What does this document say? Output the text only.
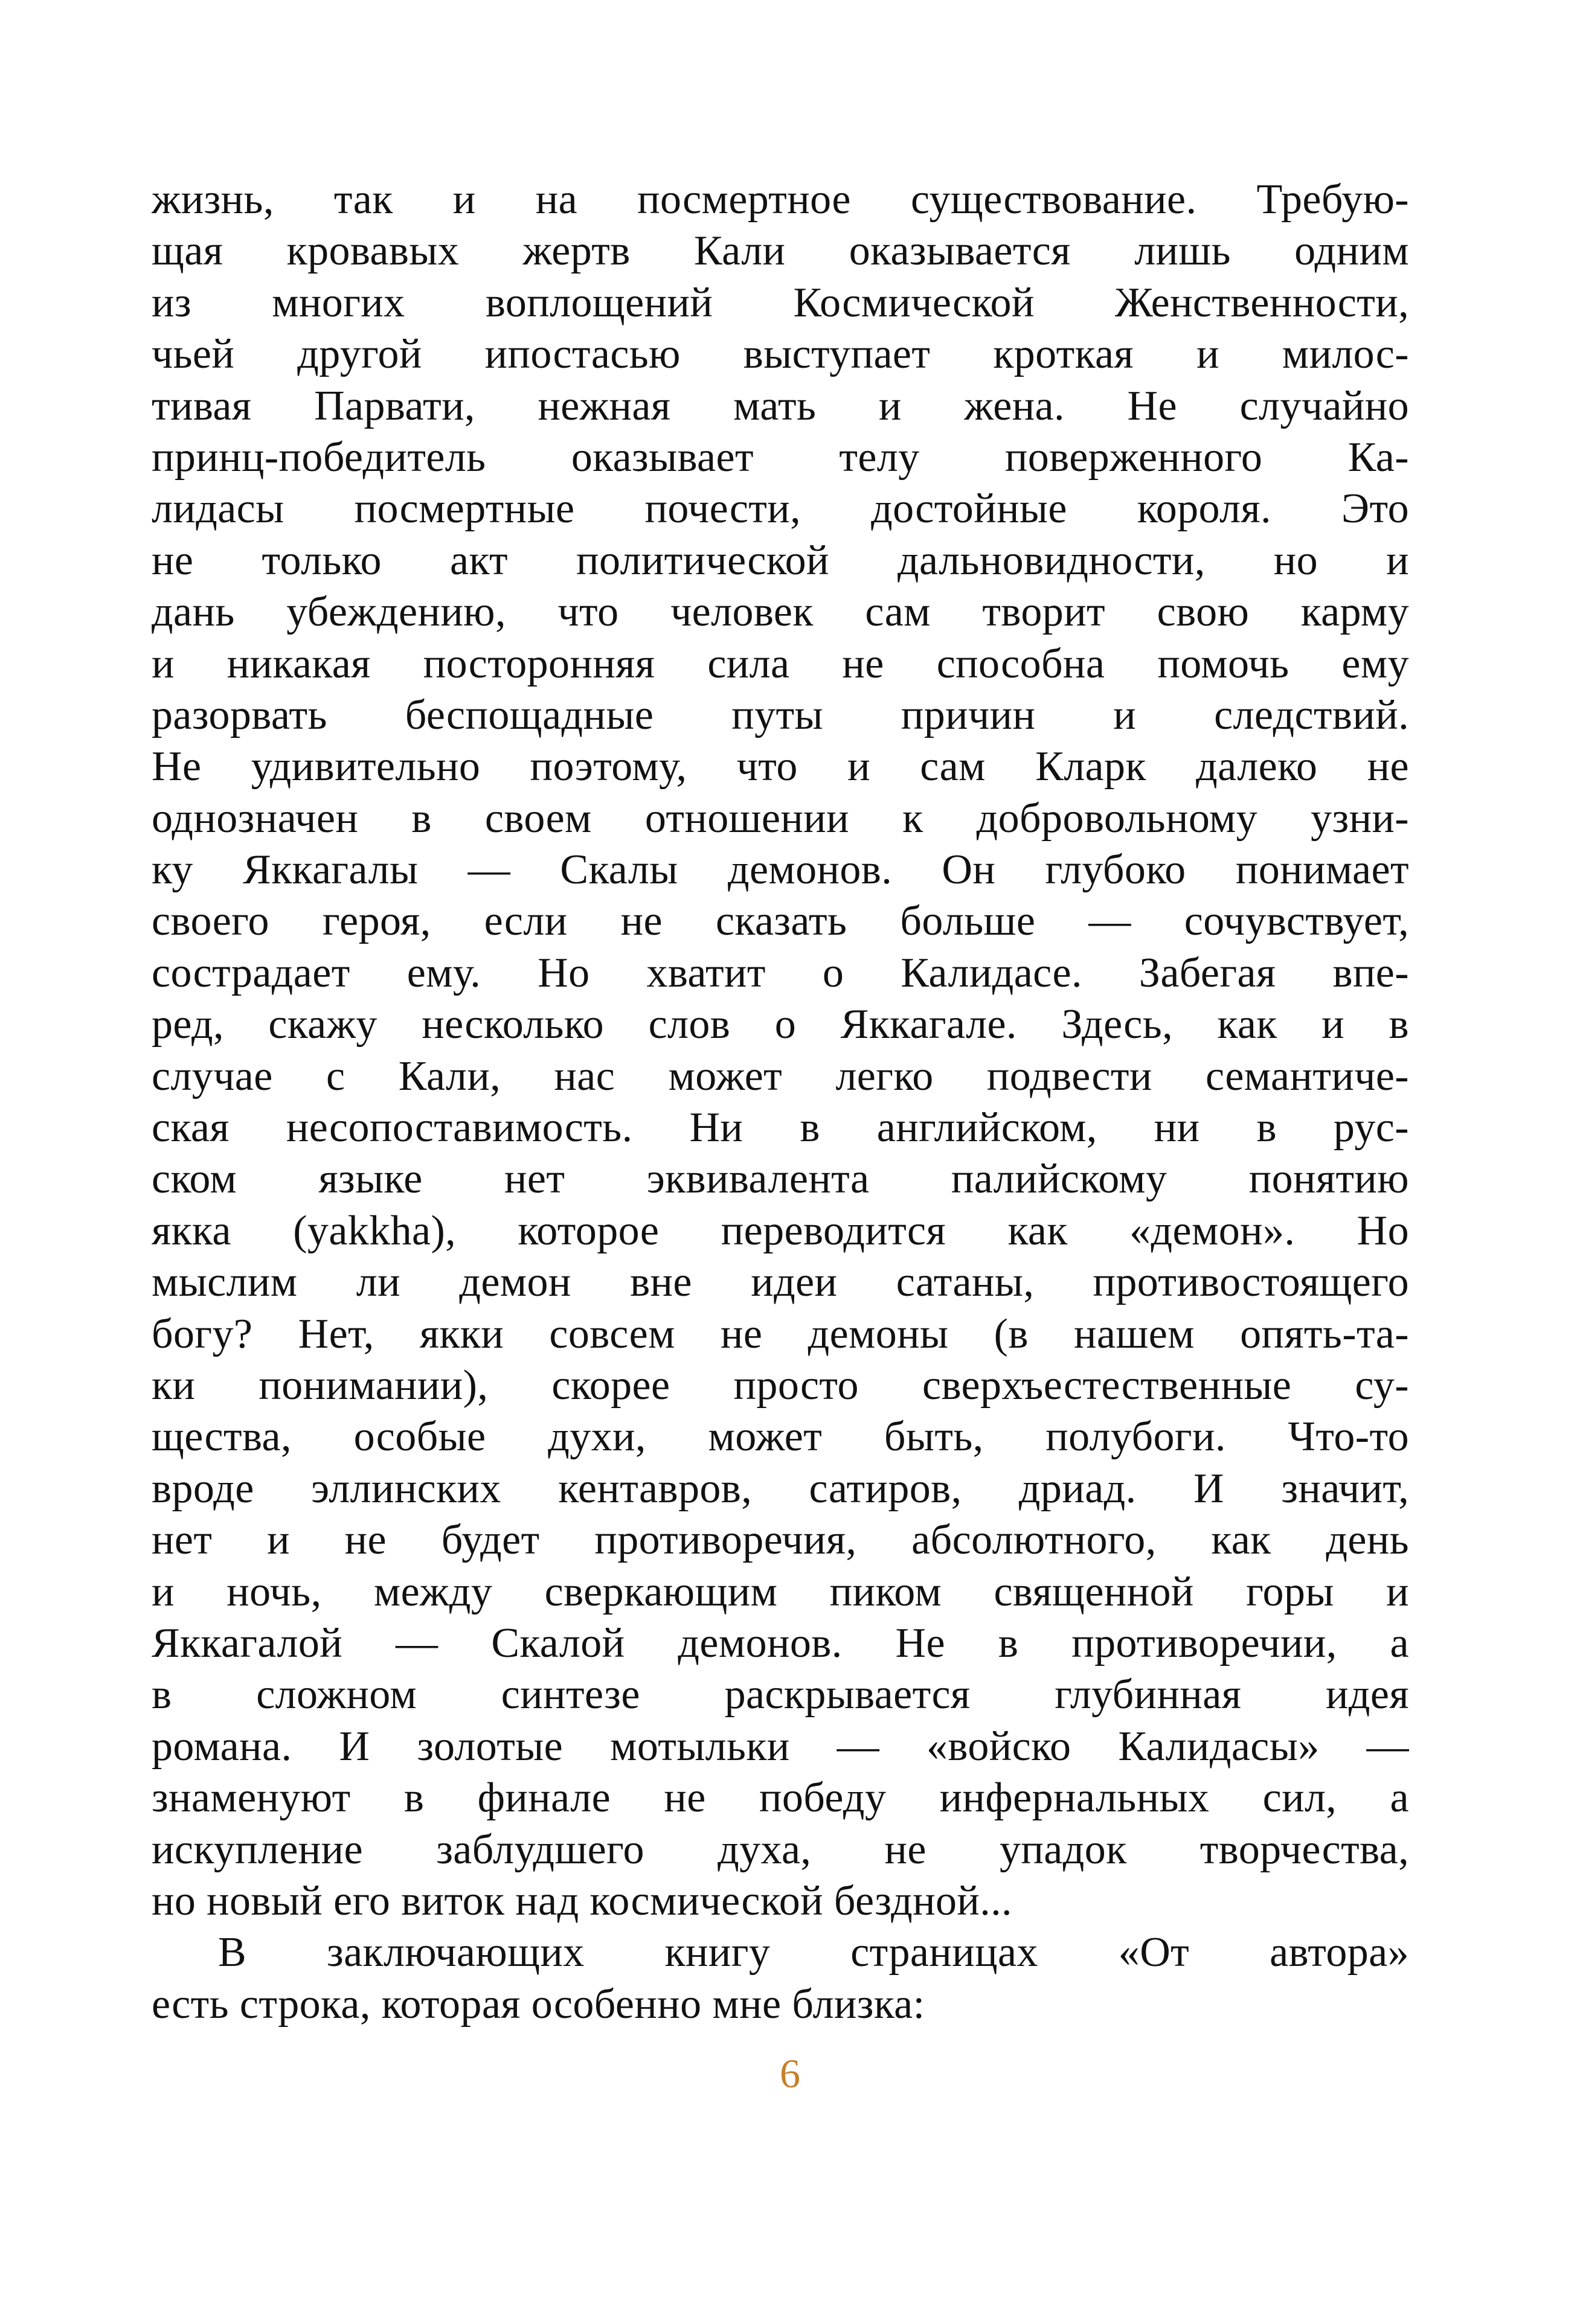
жизнь, так и на посмертное существование. Требую-
щая кровавых жертв Кали оказывается лишь одним
из многих воплощений Космической Женственности,
чьей другой ипостасью выступает кроткая и милос-
тивая Парвати, нежная мать и жена. Не случайно
принц-победитель оказывает телу поверженного Ка-
лидасы посмертные почести, достойные короля. Это
не только акт политической дальновидности, но и
дань убеждению, что человек сам творит свою карму
и никакая посторонняя сила не способна помочь ему
разорвать беспощадные путы причин и следствий.
Не удивительно поэтому, что и сам Кларк далеко не
однозначен в своем отношении к добровольному узни-
ку Яккагалы — Скалы демонов. Он глубоко понимает
своего героя, если не сказать больше — сочувствует,
сострадает ему. Но хватит о Калидасе. Забегая впе-
ред, скажу несколько слов о Яккагале. Здесь, как и в
случае с Кали, нас может легко подвести семантиче-
ская несопоставимость. Ни в английском, ни в рус-
ском языке нет эквивалента палийскому понятию
якка (yakkha), которое переводится как «демон». Но
мыслим ли демон вне идеи сатаны, противостоящего
богу? Нет, якки совсем не демоны (в нашем опять-та-
ки понимании), скорее просто сверхъестественные су-
щества, особые духи, может быть, полубоги. Что-то
вроде эллинских кентавров, сатиров, дриад. И значит,
нет и не будет противоречия, абсолютного, как день
и ночь, между сверкающим пиком священной горы и
Яккагалой — Скалой демонов. Не в противоречии, а
в сложном синтезе раскрывается глубинная идея
романа. И золотые мотыльки — «войско Калидасы» —
знаменуют в финале не победу инфернальных сил, а
искупление заблудшего духа, не упадок творчества,
но новый его виток над космической бездной...
В заключающих книгу страницах «От автора»
есть строка, которая особенно мне близка:
6
